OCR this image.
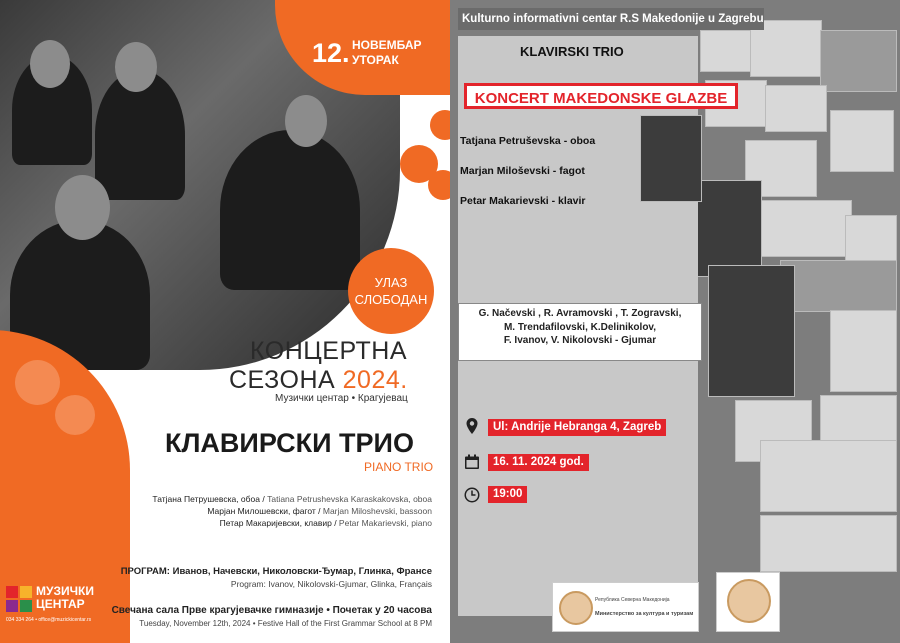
12. НОВЕМБАР
УТОРАК
УЛАЗ
СЛОБОДАН
КОНЦЕРТНА
СЕЗОНА 2024.
Музички центар • Крагујевац
КЛАВИРСКИ ТРИО
PIANO TRIO
Татјана Петрушевска, обоа / Tatiana Petrushevska Karaskakovska, oboa
Марјан Милошевски, фагот / Marjan Miloshevski, bassoon
Петар Макаријевски, клавир / Petar Makarievski, piano
ПРОГРАМ: Иванов, Начевски, Николовски-Ђумар, Глинка, Франсе
Program: Ivanov, Nikolovski-Gjumar, Glinka, Français
Свечана сала Прве крагујевачке гимназије • Почетак у 20 часова
Tuesday, November 12th, 2024 • Festive Hall of the First Grammar School at 8 PM
МУЗИЧКИ
ЦЕНТАР
034 334 264 • office@muzickicentar.rs
Kulturno informativni centar R.S Makedonije u Zagrebu
KLAVIRSKI TRIO
KONCERT MAKEDONSKE GLAZBE
Tatjana Petruševska - oboa
Marjan Miloševski - fagot
Petar Makarievski - klavir
G. Načevski , R. Avramovski , T. Zogravski,
M. Trendafilovski, K.Delinikolov,
F. Ivanov, V. Nikolovski - Gjumar
Ul: Andrije Hebranga 4, Zagreb
16. 11. 2024 god.
19:00
Република Северна Македонија
Министерство за култура и туризам
